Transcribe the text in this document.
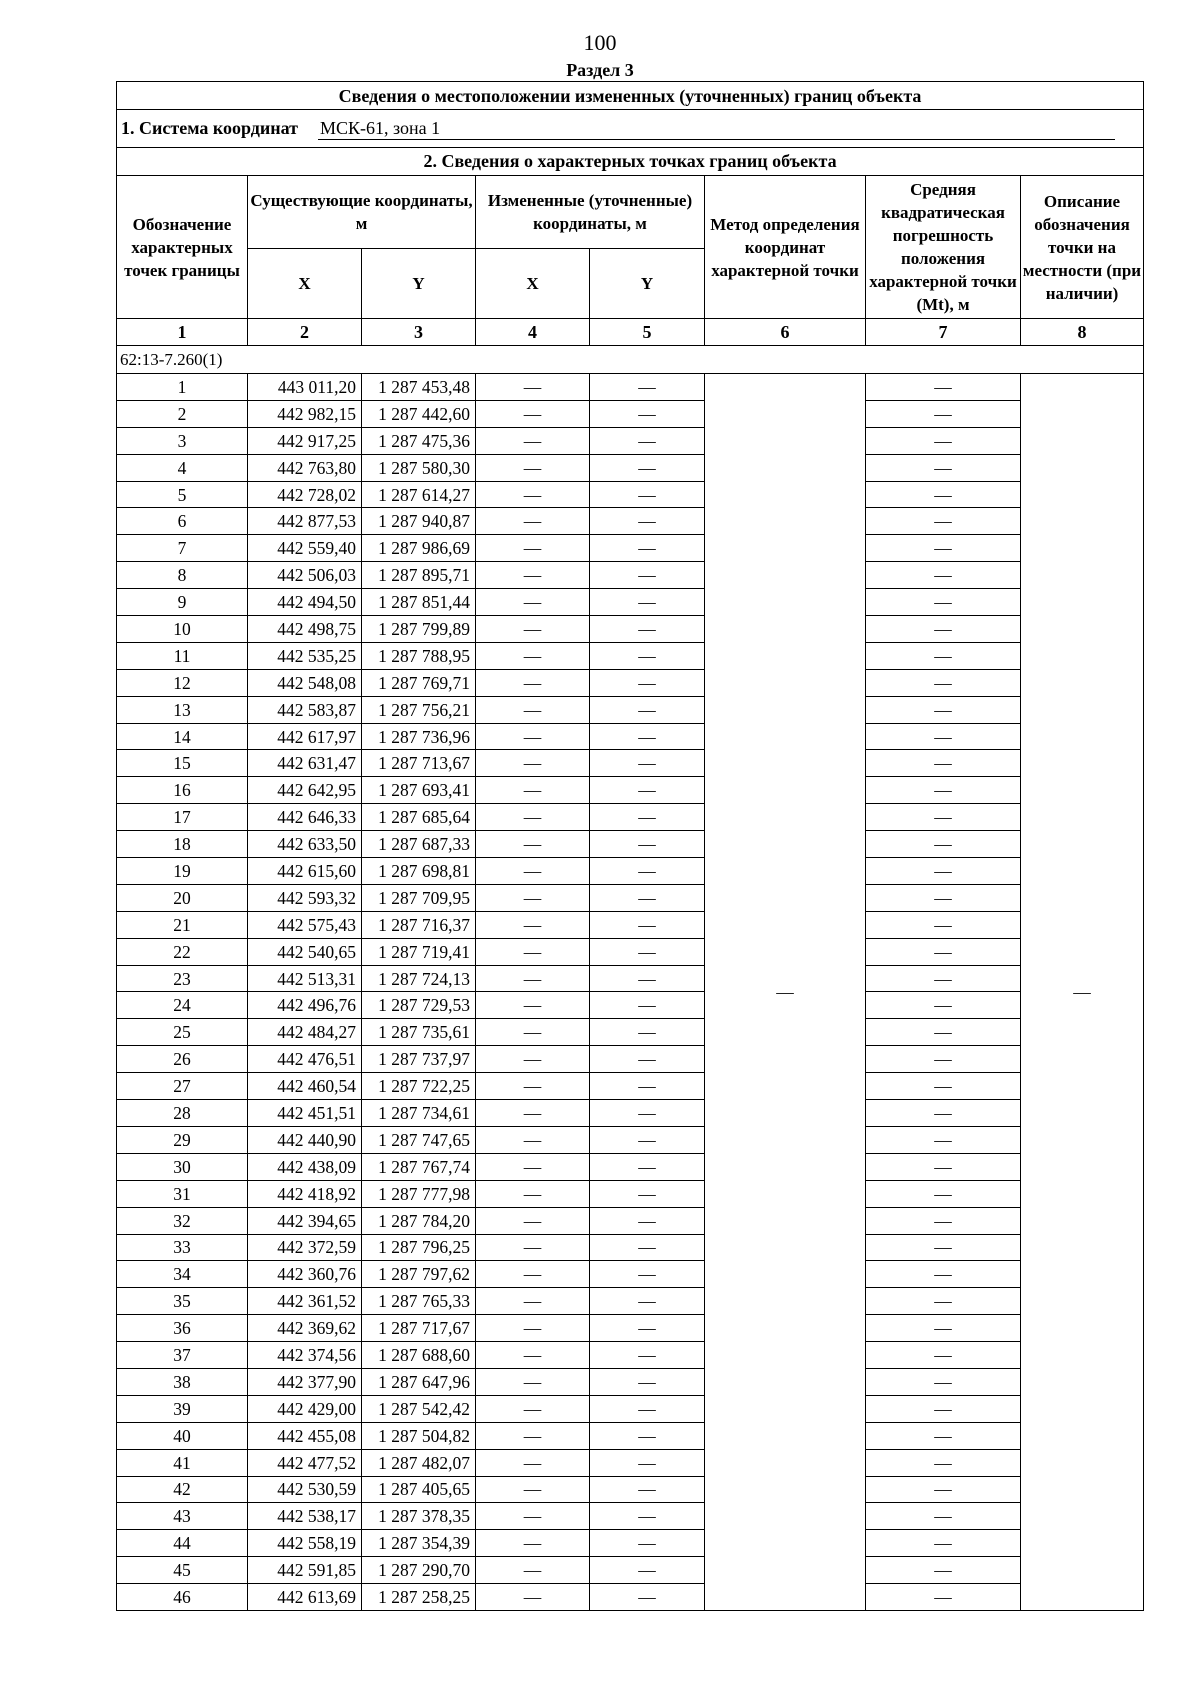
100
Раздел 3
Сведения о местоположении измененных (уточненных) границ объекта							

1. Система координат МСК-61, зона 1							

2. Сведения о характерных точках границ объекта							
Обозначение характерных точек границы	Существующие координаты, м		Измененные (уточненные) координаты, м		Метод определения координат характерной точки	Средняя квадратическая погрешность положения характерной точки (Mt), м	Описание обозначения точки на местности (при наличии)
	X	Y	X	Y			
1	2	3	4	5	6	7	8
62:13-7.260(1)							
1	443 011,20	1 287 453,48	—	—	—	—	—
2	442 982,15	1 287 442,60	—	—		—	
3	442 917,25	1 287 475,36	—	—		—	
4	442 763,80	1 287 580,30	—	—		—	
5	442 728,02	1 287 614,27	—	—		—	
6	442 877,53	1 287 940,87	—	—		—	
7	442 559,40	1 287 986,69	—	—		—	
8	442 506,03	1 287 895,71	—	—		—	
9	442 494,50	1 287 851,44	—	—		—	
10	442 498,75	1 287 799,89	—	—		—	
11	442 535,25	1 287 788,95	—	—		—	
12	442 548,08	1 287 769,71	—	—		—	
13	442 583,87	1 287 756,21	—	—		—	
14	442 617,97	1 287 736,96	—	—		—	
15	442 631,47	1 287 713,67	—	—		—	
16	442 642,95	1 287 693,41	—	—		—	
17	442 646,33	1 287 685,64	—	—		—	
18	442 633,50	1 287 687,33	—	—		—	
19	442 615,60	1 287 698,81	—	—		—	
20	442 593,32	1 287 709,95	—	—		—	
21	442 575,43	1 287 716,37	—	—		—	
22	442 540,65	1 287 719,41	—	—		—	
23	442 513,31	1 287 724,13	—	—		—	
24	442 496,76	1 287 729,53	—	—		—	
25	442 484,27	1 287 735,61	—	—		—	
26	442 476,51	1 287 737,97	—	—		—	
27	442 460,54	1 287 722,25	—	—		—	
28	442 451,51	1 287 734,61	—	—		—	
29	442 440,90	1 287 747,65	—	—		—	
30	442 438,09	1 287 767,74	—	—		—	
31	442 418,92	1 287 777,98	—	—		—	
32	442 394,65	1 287 784,20	—	—		—	
33	442 372,59	1 287 796,25	—	—		—	
34	442 360,76	1 287 797,62	—	—		—	
35	442 361,52	1 287 765,33	—	—		—	
36	442 369,62	1 287 717,67	—	—		—	
37	442 374,56	1 287 688,60	—	—		—	
38	442 377,90	1 287 647,96	—	—		—	
39	442 429,00	1 287 542,42	—	—		—	
40	442 455,08	1 287 504,82	—	—		—	
41	442 477,52	1 287 482,07	—	—		—	
42	442 530,59	1 287 405,65	—	—		—	
43	442 538,17	1 287 378,35	—	—		—	
44	442 558,19	1 287 354,39	—	—		—	
45	442 591,85	1 287 290,70	—	—		—	
46	442 613,69	1 287 258,25	—	—		—	
